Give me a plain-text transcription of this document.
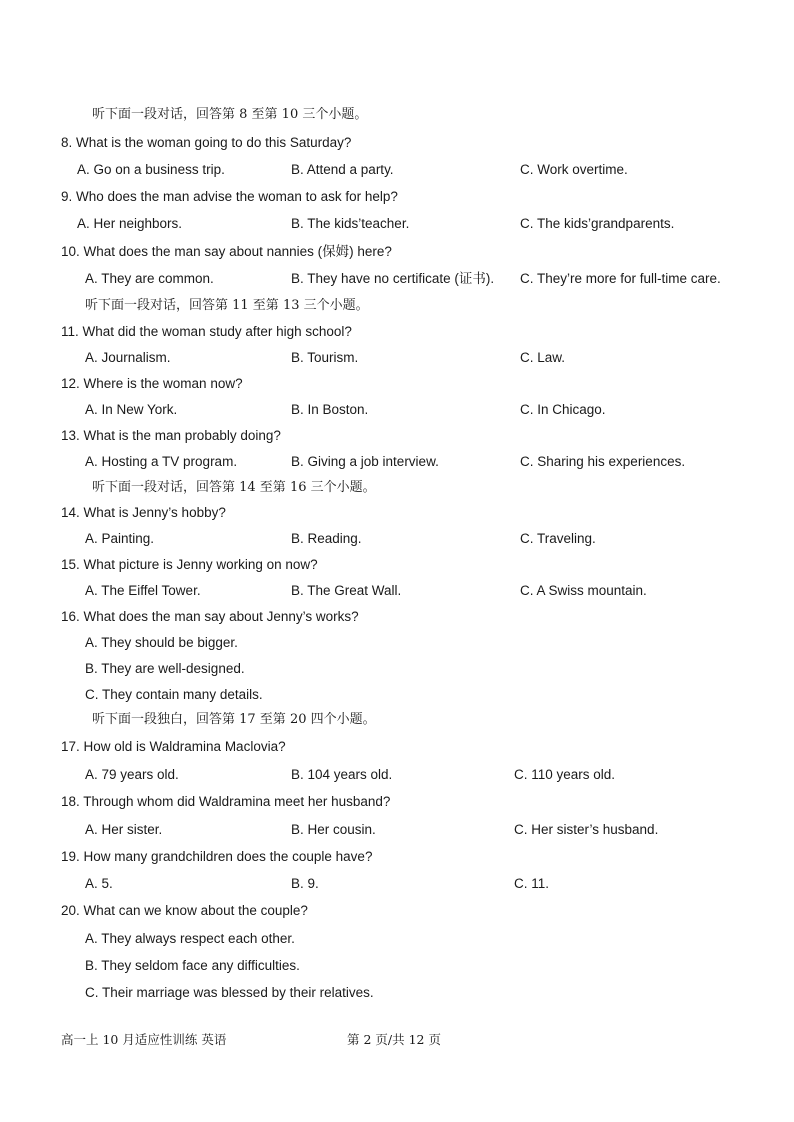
听下面一段对话，回答第 8 至第 10 三个小题。
8. What is the woman going to do this Saturday?
A. Go on a business trip.	B. Attend a party.	C. Work overtime.
9. Who does the man advise the woman to ask for help?
A. Her neighbors.	B. The kids’teacher.	C. The kids’grandparents.
10. What does the man say about nannies (保姆) here?
A. They are common.	B. They have no certificate (证书). C. They’re more for full-time care.
听下面一段对话，回答第 11 至第 13 三个小题。
11. What did the woman study after high school?
A. Journalism.	B. Tourism.	C. Law.
12. Where is the woman now?
A. In New York.	B. In Boston.	C. In Chicago.
13. What is the man probably doing?
A. Hosting a TV program.	B. Giving a job interview.	C. Sharing his experiences.
听下面一段对话，回答第 14 至第 16 三个小题。
14. What is Jenny’s hobby?
A. Painting.	B. Reading.	C. Traveling.
15. What picture is Jenny working on now?
A. The Eiffel Tower.	B. The Great Wall.	C. A Swiss mountain.
16. What does the man say about Jenny’s works?
A. They should be bigger.
B. They are well-designed.
C. They contain many details.
听下面一段独白，回答第 17 至第 20 四个小题。
17. How old is Waldramina Maclovia?
A. 79 years old.	B. 104 years old.	C. 110 years old.
18. Through whom did Waldramina meet her husband?
A. Her sister.	B. Her cousin.	C. Her sister’s husband.
19. How many grandchildren does the couple have?
A. 5.	B. 9.	C. 11.
20. What can we know about the couple?
A. They always respect each other.
B. They seldom face any difficulties.
C. Their marriage was blessed by their relatives.
高一上 10 月适应性训练 英语	第 2 页/共 12 页
